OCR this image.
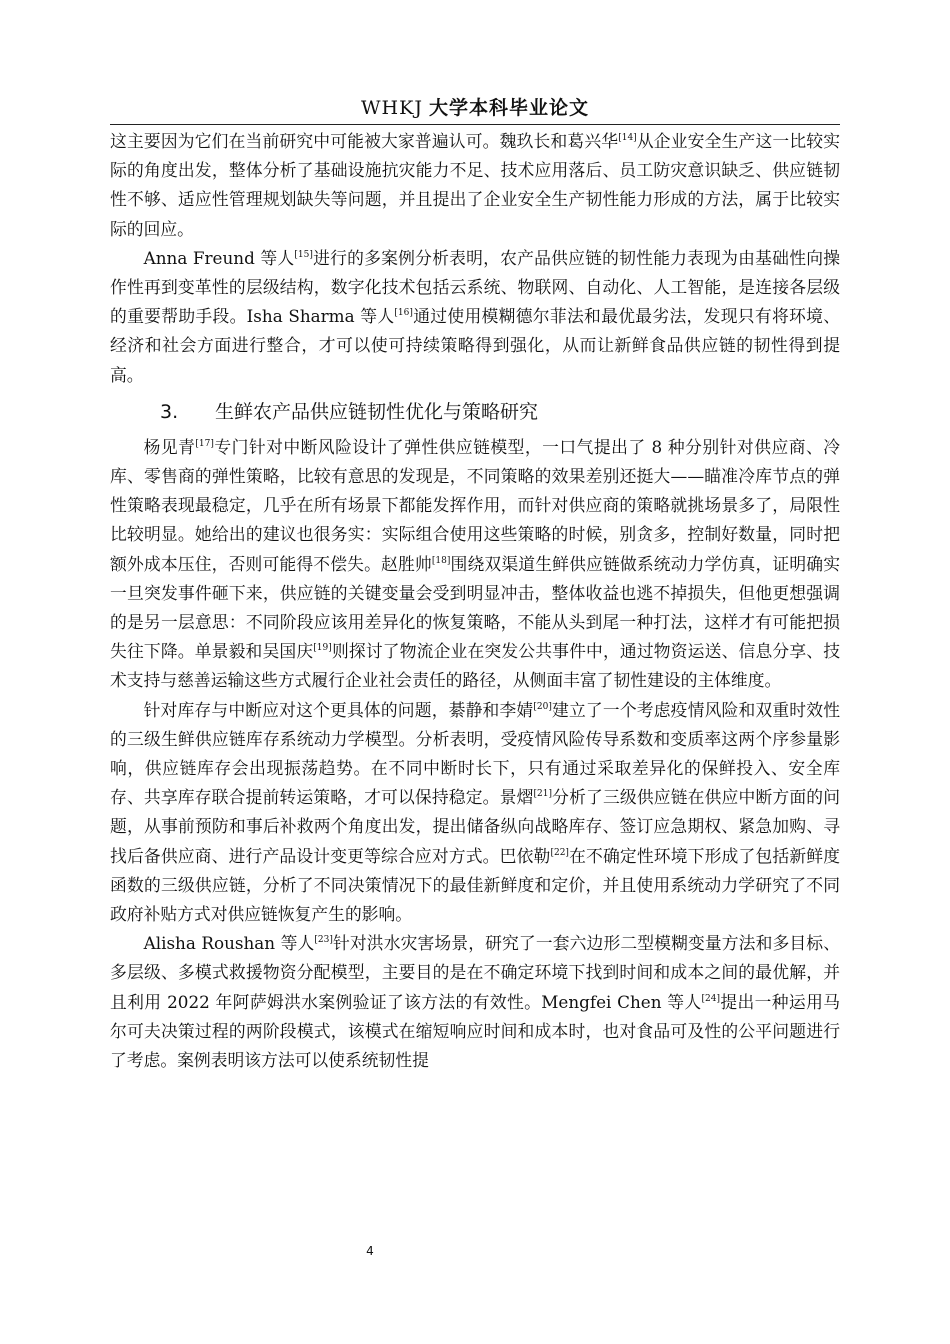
WHKJ 大学本科毕业论文

这主要因为它们在当前研究中可能被大家普遍认可。魏玖长和葛兴华[14]从企业安全生产这一比较实际的角度出发，整体分析了基础设施抗灾能力不足、技术应用落后、员工防灾意识缺乏、供应链韧性不够、适应性管理规划缺失等问题，并且提出了企业安全生产韧性能力形成的方法，属于比较实际的回应。

Anna Freund 等人[15]进行的多案例分析表明，农产品供应链的韧性能力表现为由基础性向操作性再到变革性的层级结构，数字化技术包括云系统、物联网、自动化、人工智能，是连接各层级的重要帮助手段。Isha Sharma 等人[16]通过使用模糊德尔菲法和最优最劣法，发现只有将环境、经济和社会方面进行整合，才可以使可持续策略得到强化，从而让新鲜食品供应链的韧性得到提高。

3. 生鲜农产品供应链韧性优化与策略研究

杨见青[17]专门针对中断风险设计了弹性供应链模型，一口气提出了 8 种分别针对供应商、冷库、零售商的弹性策略，比较有意思的发现是，不同策略的效果差别还挺大——瞄准冷库节点的弹性策略表现最稳定，几乎在所有场景下都能发挥作用，而针对供应商的策略就挑场景多了，局限性比较明显。她给出的建议也很务实：实际组合使用这些策略的时候，别贪多，控制好数量，同时把额外成本压住，否则可能得不偿失。赵胜帅[18]围绕双渠道生鲜供应链做系统动力学仿真，证明确实一旦突发事件砸下来，供应链的关键变量会受到明显冲击，整体收益也逃不掉损失，但他更想强调的是另一层意思：不同阶段应该用差异化的恢复策略，不能从头到尾一种打法，这样才有可能把损失往下降。单景毅和吴国庆[19]则探讨了物流企业在突发公共事件中，通过物资运送、信息分享、技术支持与慈善运输这些方式履行企业社会责任的路径，从侧面丰富了韧性建设的主体维度。

针对库存与中断应对这个更具体的问题，綦静和李婧[20]建立了一个考虑疫情风险和双重时效性的三级生鲜供应链库存系统动力学模型。分析表明，受疫情风险传导系数和变质率这两个序参量影响，供应链库存会出现振荡趋势。在不同中断时长下，只有通过采取差异化的保鲜投入、安全库存、共享库存联合提前转运策略，才可以保持稳定。景熠[21]分析了三级供应链在供应中断方面的问题，从事前预防和事后补救两个角度出发，提出储备纵向战略库存、签订应急期权、紧急加购、寻找后备供应商、进行产品设计变更等综合应对方式。巴依勒[22]在不确定性环境下形成了包括新鲜度函数的三级供应链，分析了不同决策情况下的最佳新鲜度和定价，并且使用系统动力学研究了不同政府补贴方式对供应链恢复产生的影响。

Alisha Roushan 等人[23]针对洪水灾害场景，研究了一套六边形二型模糊变量方法和多目标、多层级、多模式救援物资分配模型，主要目的是在不确定环境下找到时间和成本之间的最优解，并且利用 2022 年阿萨姆洪水案例验证了该方法的有效性。Mengfei Chen 等人[24]提出一种运用马尔可夫决策过程的两阶段模式，该模式在缩短响应时间和成本时，也对食品可及性的公平问题进行了考虑。案例表明该方法可以使系统韧性提

4
